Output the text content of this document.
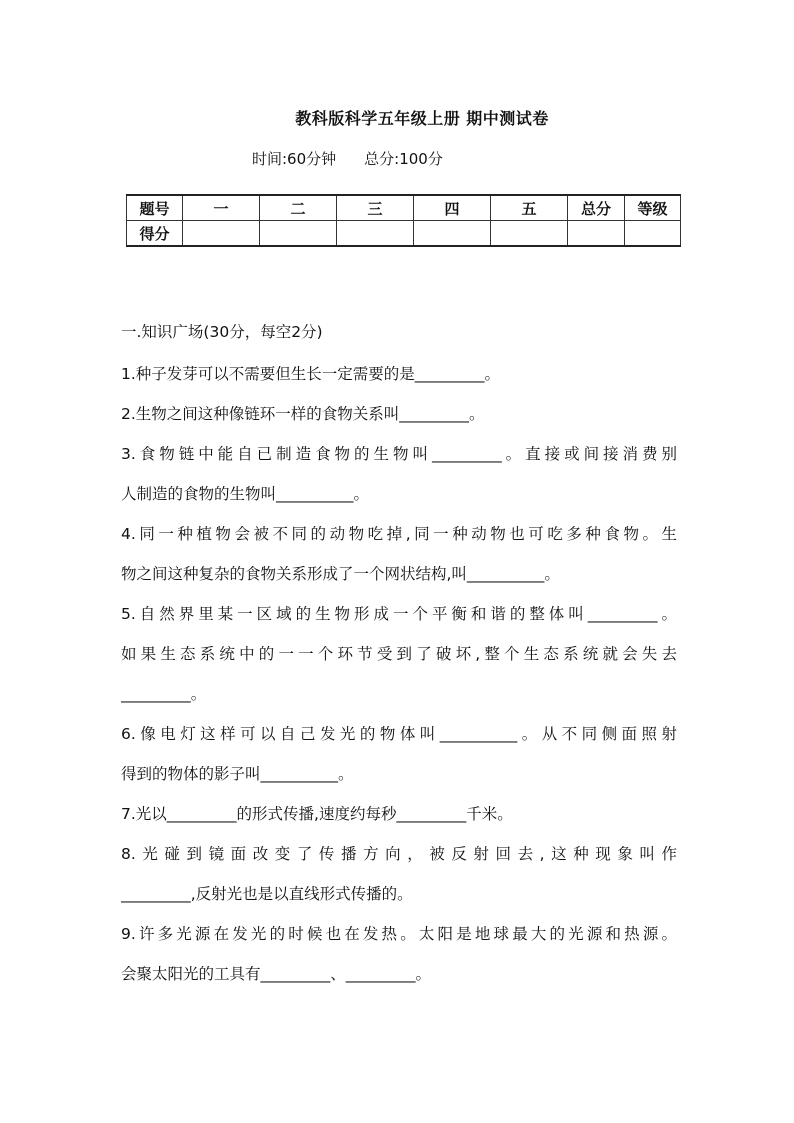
教科版科学五年级上册 期中测试卷
时间:60分钟 总分:100分
题号	一	二	三	四	五	总分	等级
得分							
一.知识广场(30分，每空2分)
1.种子发芽可以不需要但生长一定需要的是_________。
2.生物之间这种像链环一样的食物关系叫_________。
3.食物链中能自已制造食物的生物叫_________。直接或间接消费别
人制造的食物的生物叫__________。
4.同一种植物会被不同的动物吃掉,同一种动物也可吃多种食物。生
物之间这种复杂的食物关系形成了一个网状结构,叫__________。
5.自然界里某一区域的生物形成一个平衡和谐的整体叫_________。
如果生态系统中的一一个环节受到了破坏,整个生态系统就会失去
_________。
6.像电灯这样可以自己发光的物体叫__________。从不同侧面照射
得到的物体的影子叫__________。
7.光以_________的形式传播,速度约每秒_________千米。
8.光碰到镜面改变了传播方向，被反射回去,这种现象叫作
_________,反射光也是以直线形式传播的。
9.许多光源在发光的时候也在发热。太阳是地球最大的光源和热源。
会聚太阳光的工具有_________、_________。
